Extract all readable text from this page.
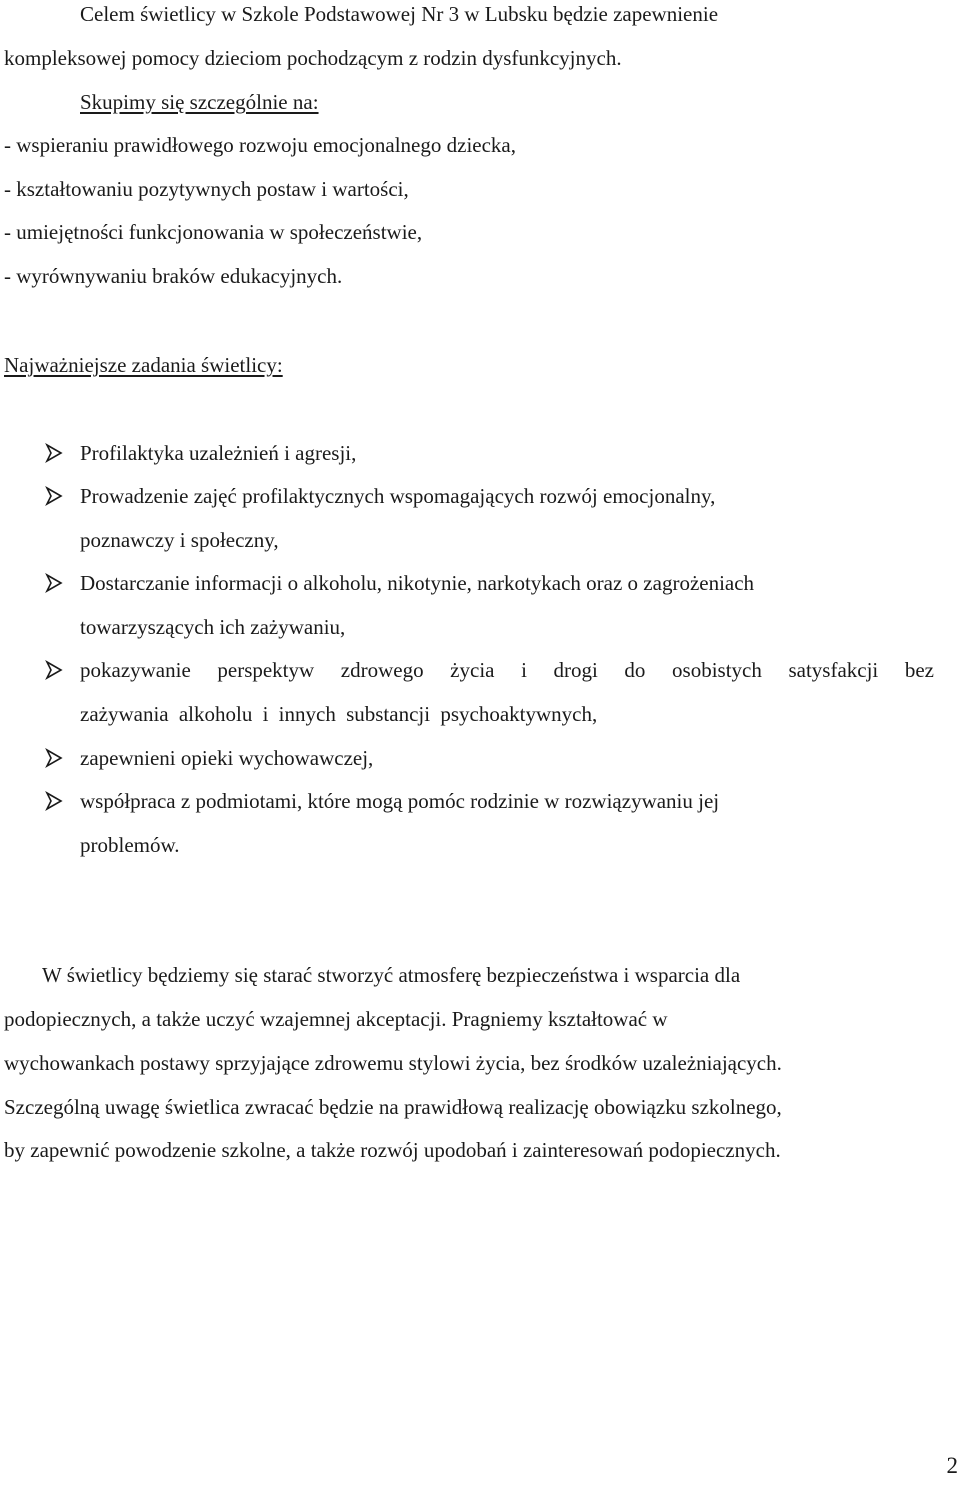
Celem świetlicy w Szkole Podstawowej Nr 3 w Lubsku będzie zapewnienie
kompleksowej pomocy dzieciom pochodzącym z rodzin dysfunkcyjnych.
Skupimy się szczególnie na:
- wspieraniu prawidłowego rozwoju emocjonalnego dziecka,
- kształtowaniu pozytywnych postaw i wartości,
- umiejętności funkcjonowania w społeczeństwie,
- wyrównywaniu braków edukacyjnych.
Najważniejsze zadania świetlicy:
Profilaktyka uzależnień i agresji,
Prowadzenie zajęć profilaktycznych wspomagających rozwój emocjonalny,
poznawczy i społeczny,
Dostarczanie informacji o alkoholu, nikotynie, narkotykach oraz o zagrożeniach
towarzyszących ich zażywaniu,
pokazywanie perspektyw zdrowego życia i drogi do osobistych satysfakcji bez
zażywania alkoholu i innych substancji psychoaktywnych,
zapewnieni opieki wychowawczej,
współpraca z podmiotami, które mogą pomóc rodzinie w rozwiązywaniu jej
problemów.
W świetlicy będziemy się starać stworzyć atmosferę bezpieczeństwa i wsparcia dla
podopiecznych, a także uczyć wzajemnej akceptacji. Pragniemy kształtować w
wychowankach postawy sprzyjające zdrowemu stylowi życia, bez środków uzależniających.
Szczególną uwagę świetlica zwracać będzie na prawidłową realizację obowiązku szkolnego,
by zapewnić powodzenie szkolne, a także rozwój upodobań i zainteresowań podopiecznych.
2
